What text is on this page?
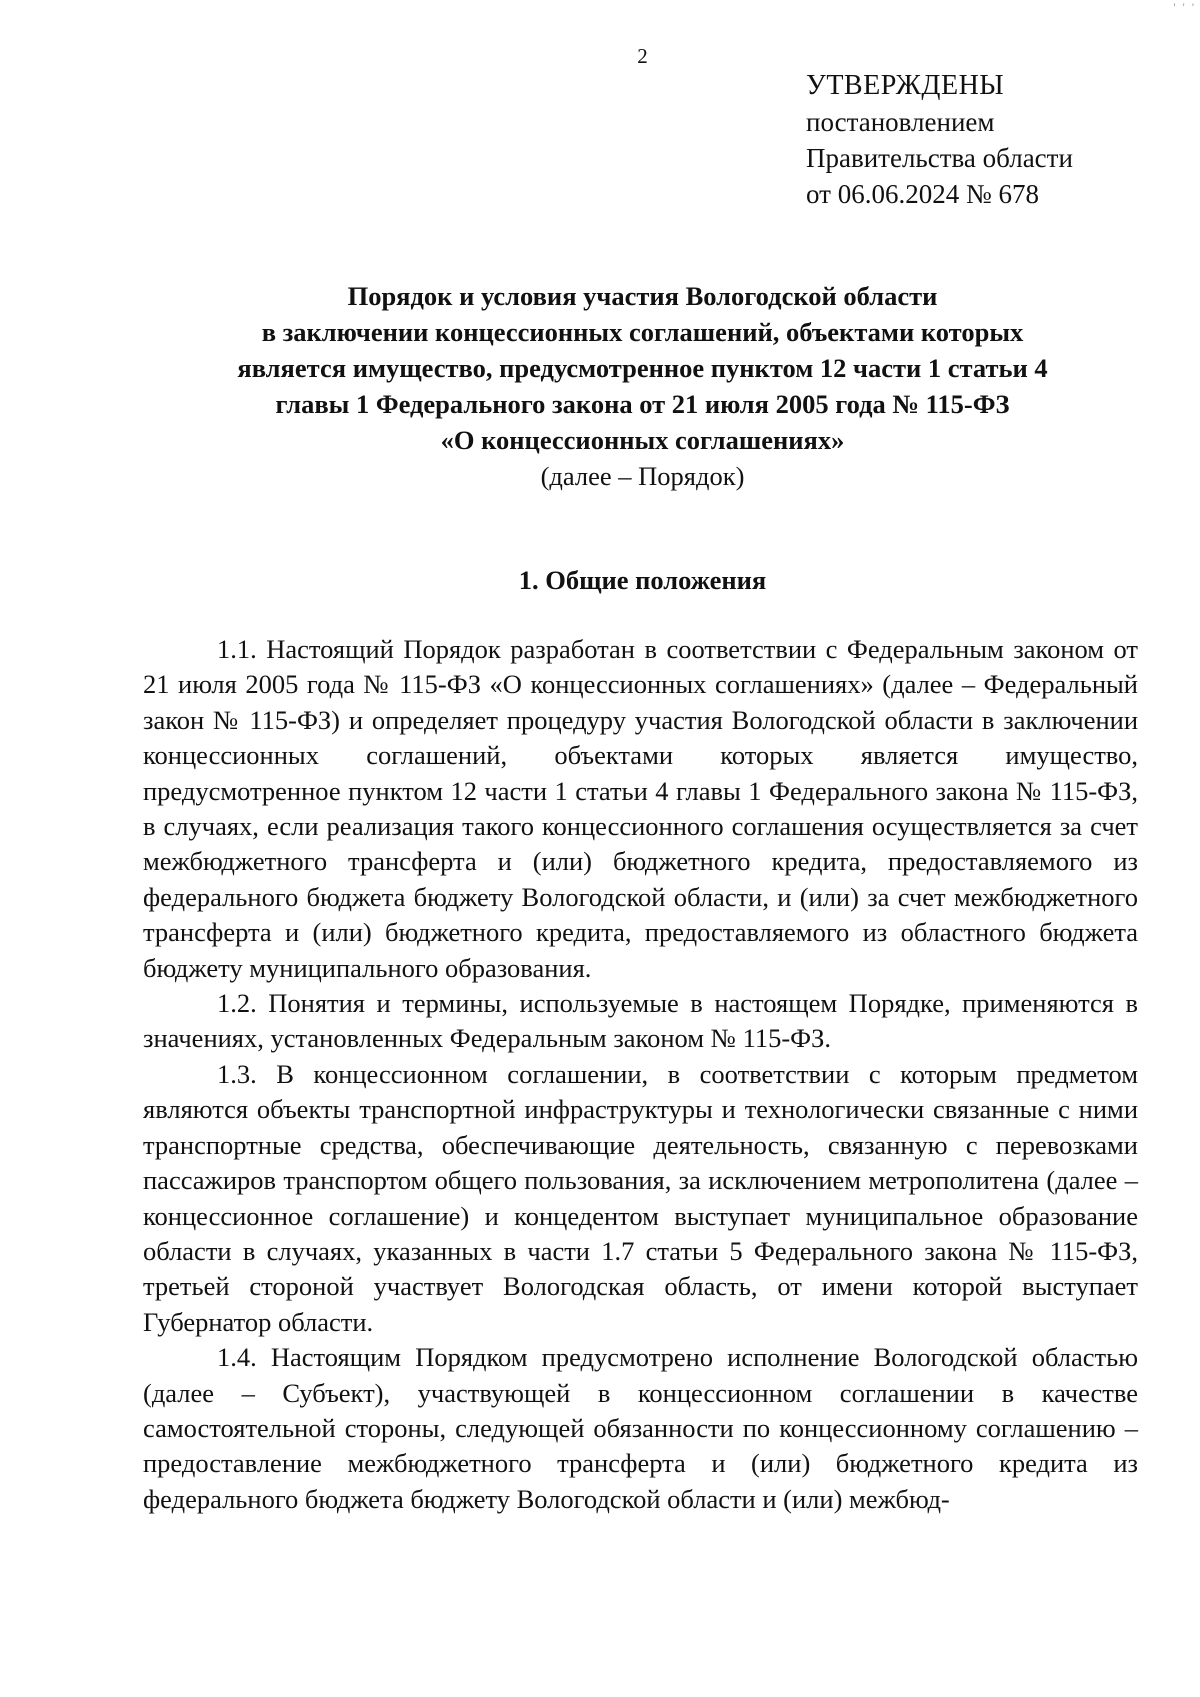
' ' '
2
УТВЕРЖДЕНЫ
постановлением
Правительства области
от 06.06.2024 № 678
Порядок и условия участия Вологодской области
в заключении концессионных соглашений, объектами которых
является имущество, предусмотренное пунктом 12 части 1 статьи 4
главы 1 Федерального закона от 21 июля 2005 года № 115-ФЗ
«О концессионных соглашениях»
(далее – Порядок)
1. Общие положения

1.1. Настоящий Порядок разработан в соответствии с Федеральным законом от 21 июля 2005 года № 115-ФЗ «О концессионных соглашениях» (далее – Федеральный закон № 115-ФЗ) и определяет процедуру участия Вологодской области в заключении концессионных соглашений, объектами которых является имущество, предусмотренное пунктом 12 части 1 статьи 4 главы 1 Федерального закона № 115-ФЗ, в случаях, если реализация такого концессионного соглашения осуществляется за счет межбюджетного трансферта и (или) бюджетного кредита, предоставляемого из федерального бюджета бюджету Вологодской области, и (или) за счет межбюджетного трансферта и (или) бюджетного кредита, предоставляемого из областного бюджета бюджету муниципального образования.

1.2. Понятия и термины, используемые в настоящем Порядке, применяются в значениях, установленных Федеральным законом № 115-ФЗ.

1.3. В концессионном соглашении, в соответствии с которым предметом являются объекты транспортной инфраструктуры и технологически связанные с ними транспортные средства, обеспечивающие деятельность, связанную с перевозками пассажиров транспортом общего пользования, за исключением метрополитена (далее – концессионное соглашение) и концедентом выступает муниципальное образование области в случаях, указанных в части 1.7 статьи 5 Федерального закона № 115-ФЗ, третьей стороной участвует Вологодская область, от имени которой выступает Губернатор области.

1.4. Настоящим Порядком предусмотрено исполнение Вологодской областью (далее – Субъект), участвующей в концессионном соглашении в качестве самостоятельной стороны, следующей обязанности по концессионному соглашению – предоставление межбюджетного трансферта и (или) бюджетного кредита из федерального бюджета бюджету Вологодской области и (или) межбюд-
